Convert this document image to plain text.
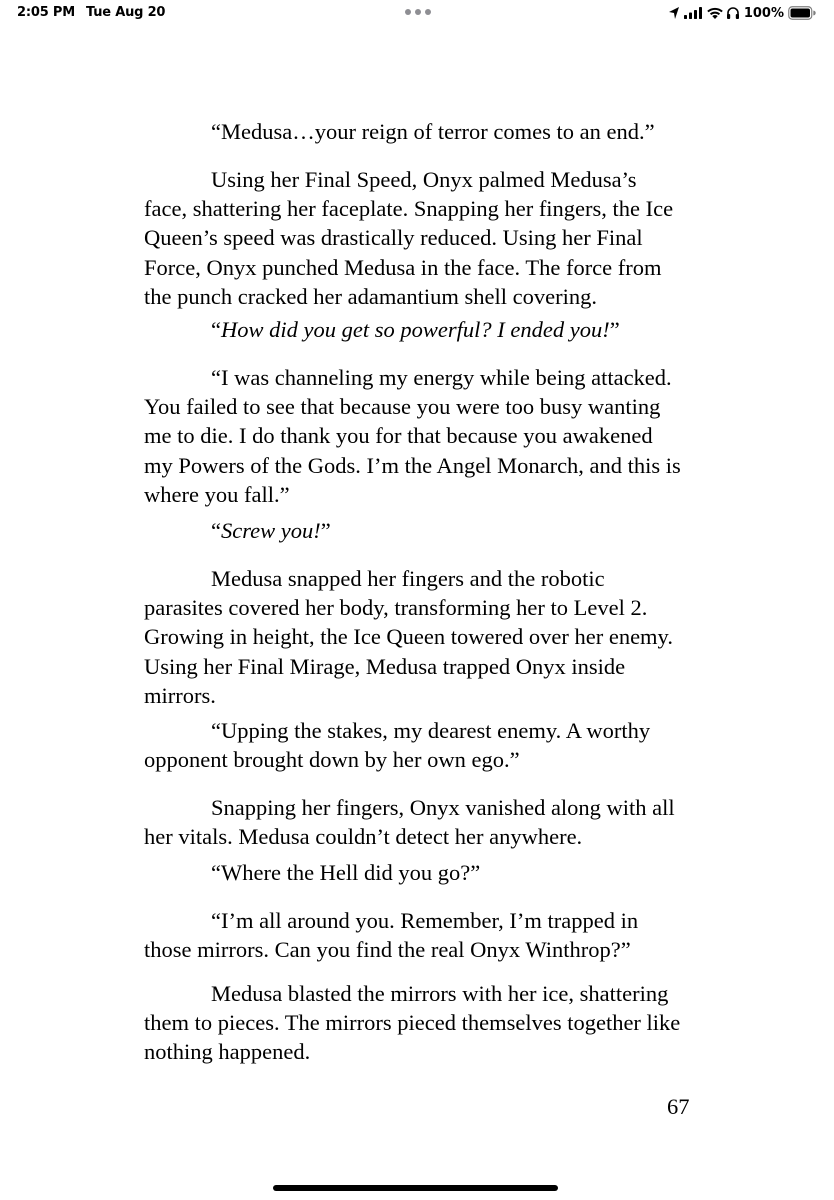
2:05 PM Tue Aug 20	100%

“Medusa…your reign of terror comes to an end.”

Using her Final Speed, Onyx palmed Medusa’s
face, shattering her faceplate. Snapping her fingers, the Ice
Queen’s speed was drastically reduced. Using her Final
Force, Onyx punched Medusa in the face. The force from
the punch cracked her adamantium shell covering.

“How did you get so powerful? I ended you!”

“I was channeling my energy while being attacked.
You failed to see that because you were too busy wanting
me to die. I do thank you for that because you awakened
my Powers of the Gods. I’m the Angel Monarch, and this is
where you fall.”

“Screw you!”

Medusa snapped her fingers and the robotic
parasites covered her body, transforming her to Level 2.
Growing in height, the Ice Queen towered over her enemy.
Using her Final Mirage, Medusa trapped Onyx inside
mirrors.

“Upping the stakes, my dearest enemy. A worthy
opponent brought down by her own ego.”

Snapping her fingers, Onyx vanished along with all
her vitals. Medusa couldn’t detect her anywhere.

“Where the Hell did you go?”

“I’m all around you. Remember, I’m trapped in
those mirrors. Can you find the real Onyx Winthrop?”

Medusa blasted the mirrors with her ice, shattering
them to pieces. The mirrors pieced themselves together like
nothing happened.

67
